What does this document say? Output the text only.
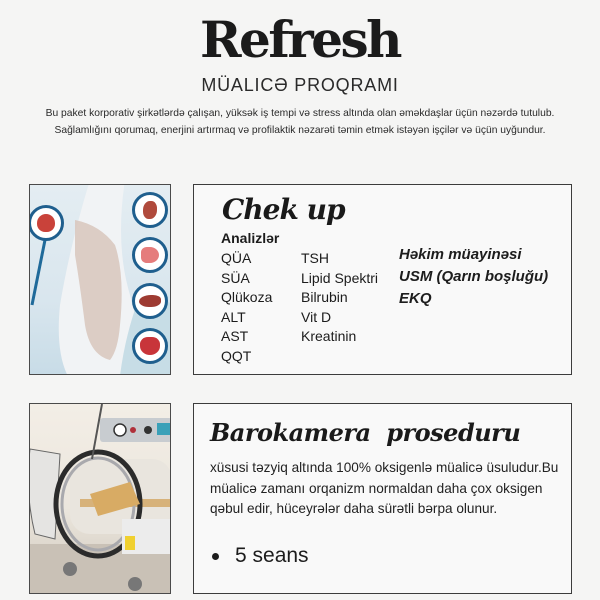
Refresh
MÜALICƏ PROQRAMI
Bu paket korporativ şirkətlərdə çalışan, yüksək iş tempi və stress altında olan əməkdaşlar üçün nəzərdə tutulub.
Sağlamlığını qorumaq, enerjini artırmaq və profilaktik nəzarəti təmin etmək istəyən işçilər və üçün uyğundur.
Chek up
Analizlər
QÜA
SÜA
Qlükoza
ALT
AST
QQT
TSH
Lipid Spektri
Bilrubin
Vit D
Kreatinin
Həkim müayinəsi
USM (Qarın boşluğu)
EKQ
Barokamera  proseduru
xüsusi təzyiq altında 100% oksigenlə müalicə üsuludur.Bu müalicə zamanı orqanizm normaldan daha çox oksigen qəbul edir, hüceyrələr daha sürətli bərpa olunur.
5 seans
